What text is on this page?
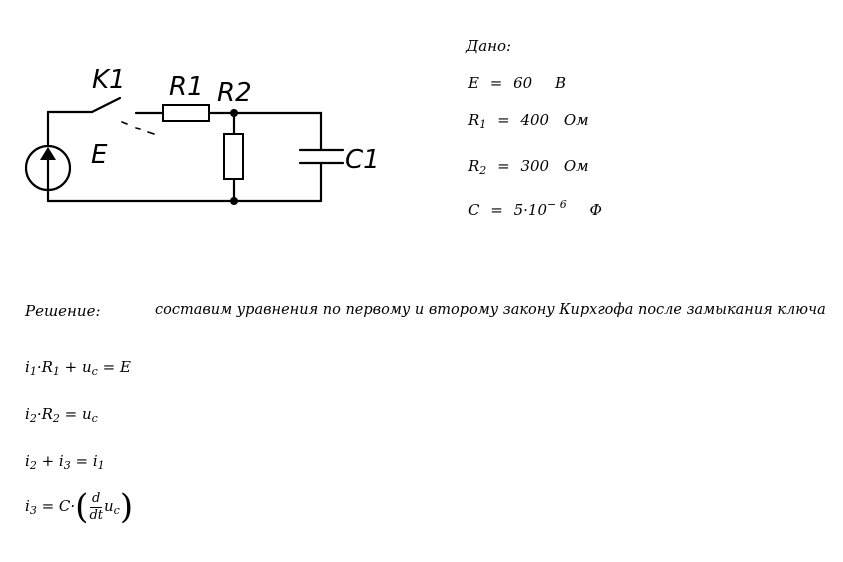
K1 R1 R2
E	C1
Дано:
E = 60 В
$R_1 = 400$ Ом
$R_2 = 300$ Ом
$C = 5\cdot 10^{- 6}$ Ф
Решение:	составим уравнения по первому и второму закону Кирхгофа после замыкания ключа
$i_1\cdot R_1 + u_c = E$
$i_2\cdot R_2 = u_c$
$i_2 + i_3 = i_1$
$i_3 = C\cdot( \frac{d}{dt} u_c)$
